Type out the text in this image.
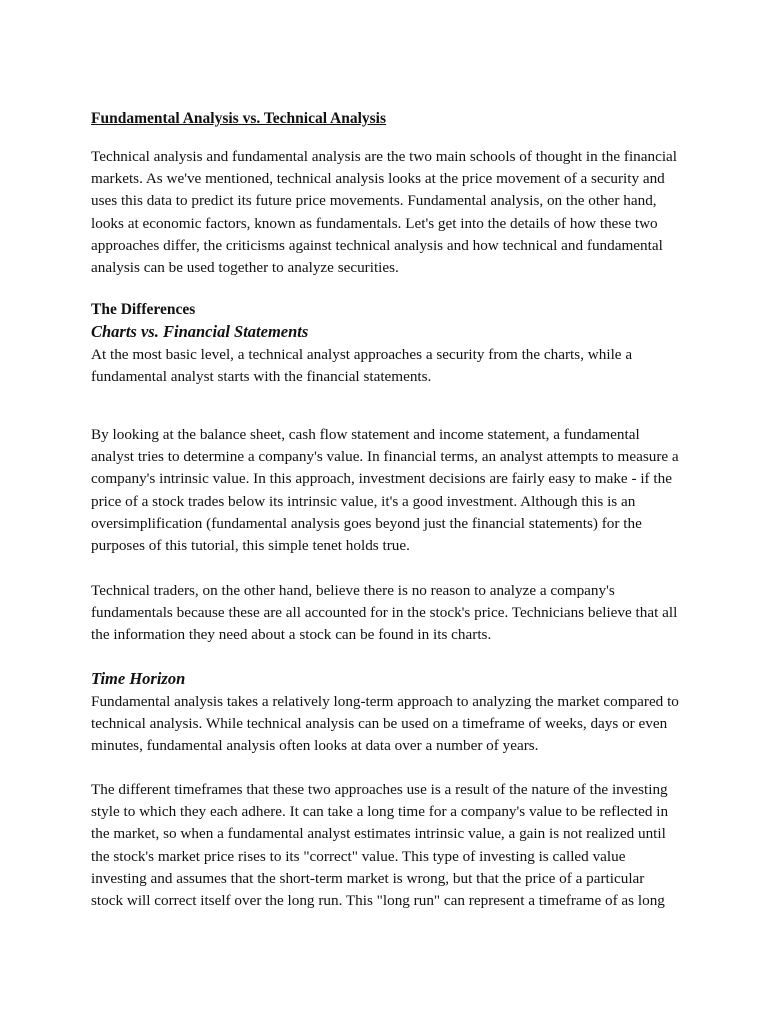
Fundamental Analysis vs. Technical Analysis

Technical analysis and fundamental analysis are the two main schools of thought in the financial
markets. As we've mentioned, technical analysis looks at the price movement of a security and
uses this data to predict its future price movements. Fundamental analysis, on the other hand,
looks at economic factors, known as fundamentals. Let's get into the details of how these two
approaches differ, the criticisms against technical analysis and how technical and fundamental
analysis can be used together to analyze securities.

The Differences
Charts vs. Financial Statements

At the most basic level, a technical analyst approaches a security from the charts, while a
fundamental analyst starts with the financial statements.

By looking at the balance sheet, cash flow statement and income statement, a fundamental
analyst tries to determine a company's value. In financial terms, an analyst attempts to measure a
company's intrinsic value. In this approach, investment decisions are fairly easy to make - if the
price of a stock trades below its intrinsic value, it's a good investment. Although this is an
oversimplification (fundamental analysis goes beyond just the financial statements) for the
purposes of this tutorial, this simple tenet holds true.

Technical traders, on the other hand, believe there is no reason to analyze a company's
fundamentals because these are all accounted for in the stock's price. Technicians believe that all
the information they need about a stock can be found in its charts.

Time Horizon

Fundamental analysis takes a relatively long-term approach to analyzing the market compared to
technical analysis. While technical analysis can be used on a timeframe of weeks, days or even
minutes, fundamental analysis often looks at data over a number of years.

The different timeframes that these two approaches use is a result of the nature of the investing
style to which they each adhere. It can take a long time for a company's value to be reflected in
the market, so when a fundamental analyst estimates intrinsic value, a gain is not realized until
the stock's market price rises to its "correct" value. This type of investing is called value
investing and assumes that the short-term market is wrong, but that the price of a particular
stock will correct itself over the long run. This "long run" can represent a timeframe of as long
